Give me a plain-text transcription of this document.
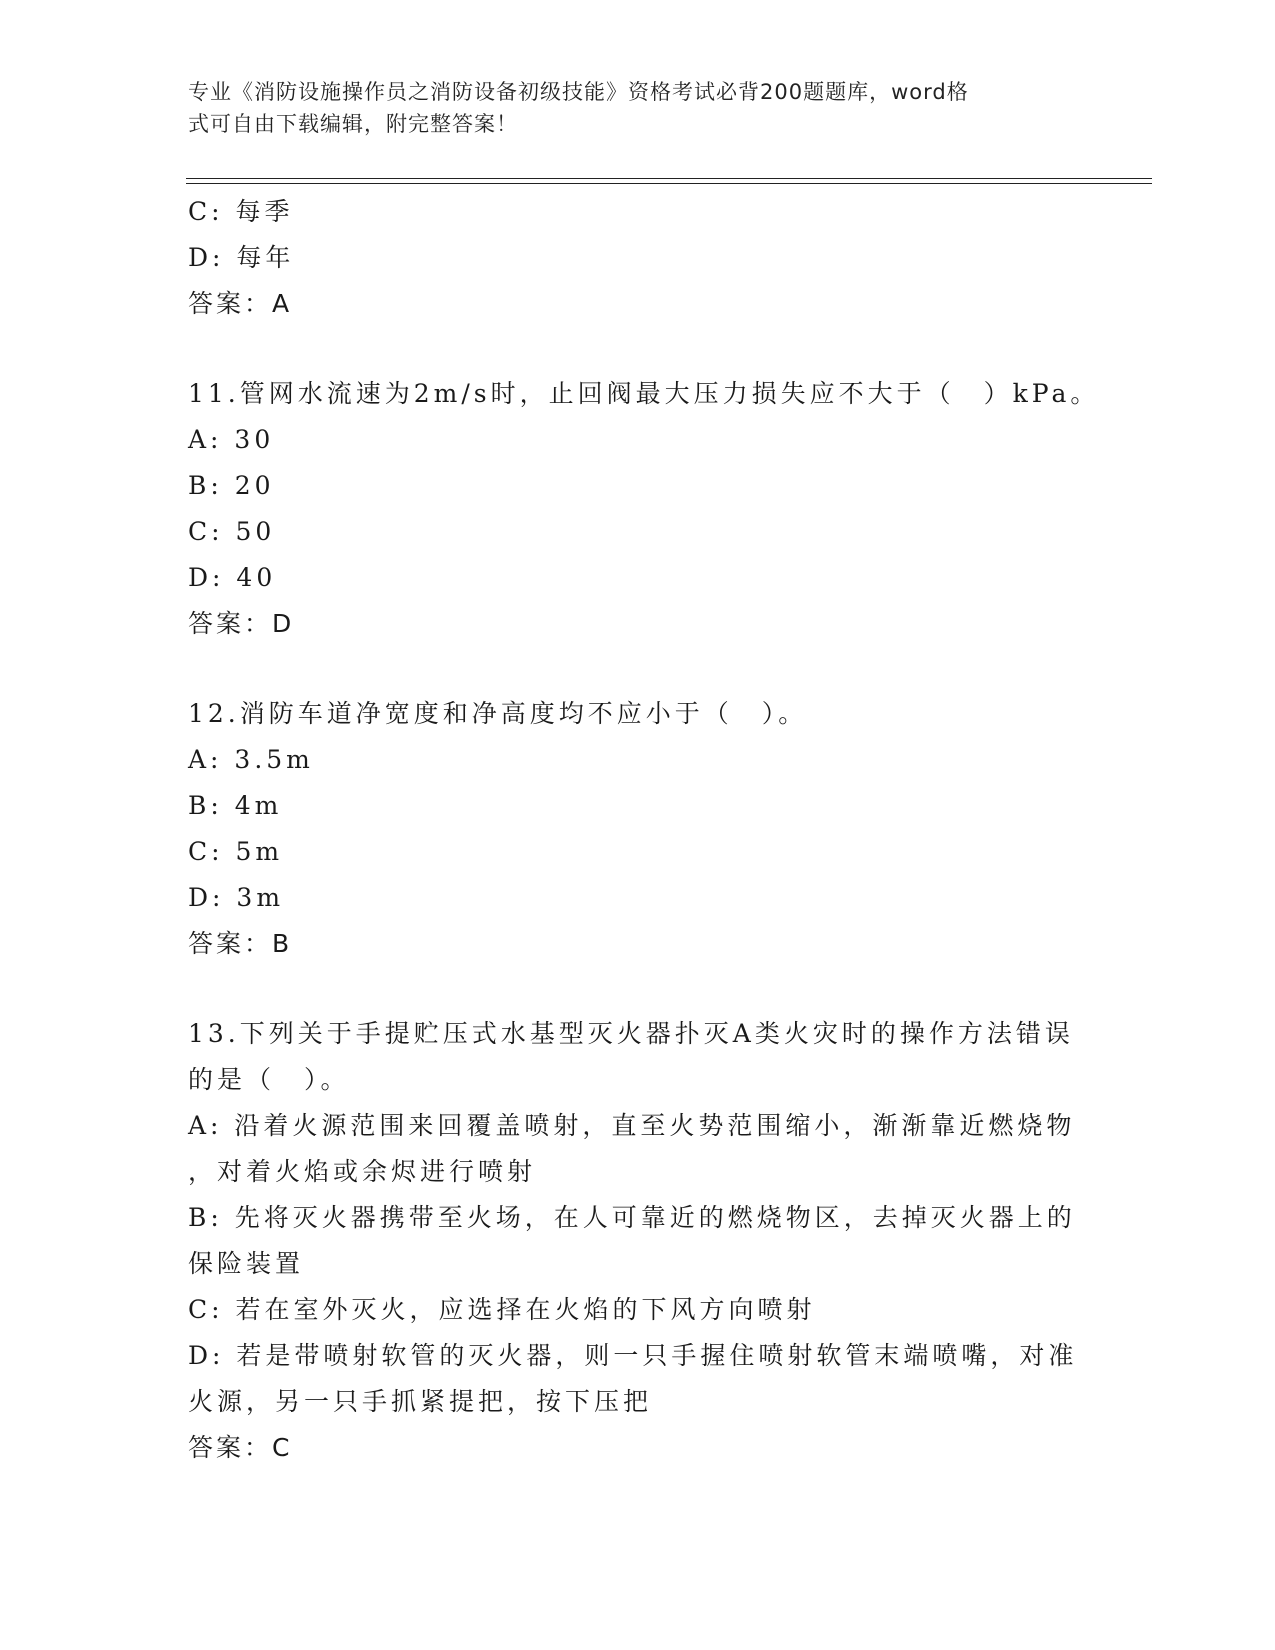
专业《消防设施操作员之消防设备初级技能》资格考试必背200题题库，word格
式可自由下载编辑，附完整答案！
C: 每季
D: 每年
答案：A
11.管网水流速为2m/s时，止回阀最大压力损失应不大于（　）kPa。
A: 30
B: 20
C: 50
D: 40
答案：D
12.消防车道净宽度和净高度均不应小于（　）。
A: 3.5m
B: 4m
C: 5m
D: 3m
答案：B
13.下列关于手提贮压式水基型灭火器扑灭A类火灾时的操作方法错误
的是（　）。
A: 沿着火源范围来回覆盖喷射，直至火势范围缩小，渐渐靠近燃烧物
，对着火焰或余烬进行喷射
B: 先将灭火器携带至火场，在人可靠近的燃烧物区，去掉灭火器上的
保险装置
C: 若在室外灭火，应选择在火焰的下风方向喷射
D: 若是带喷射软管的灭火器，则一只手握住喷射软管末端喷嘴，对准
火源，另一只手抓紧提把，按下压把
答案：C
